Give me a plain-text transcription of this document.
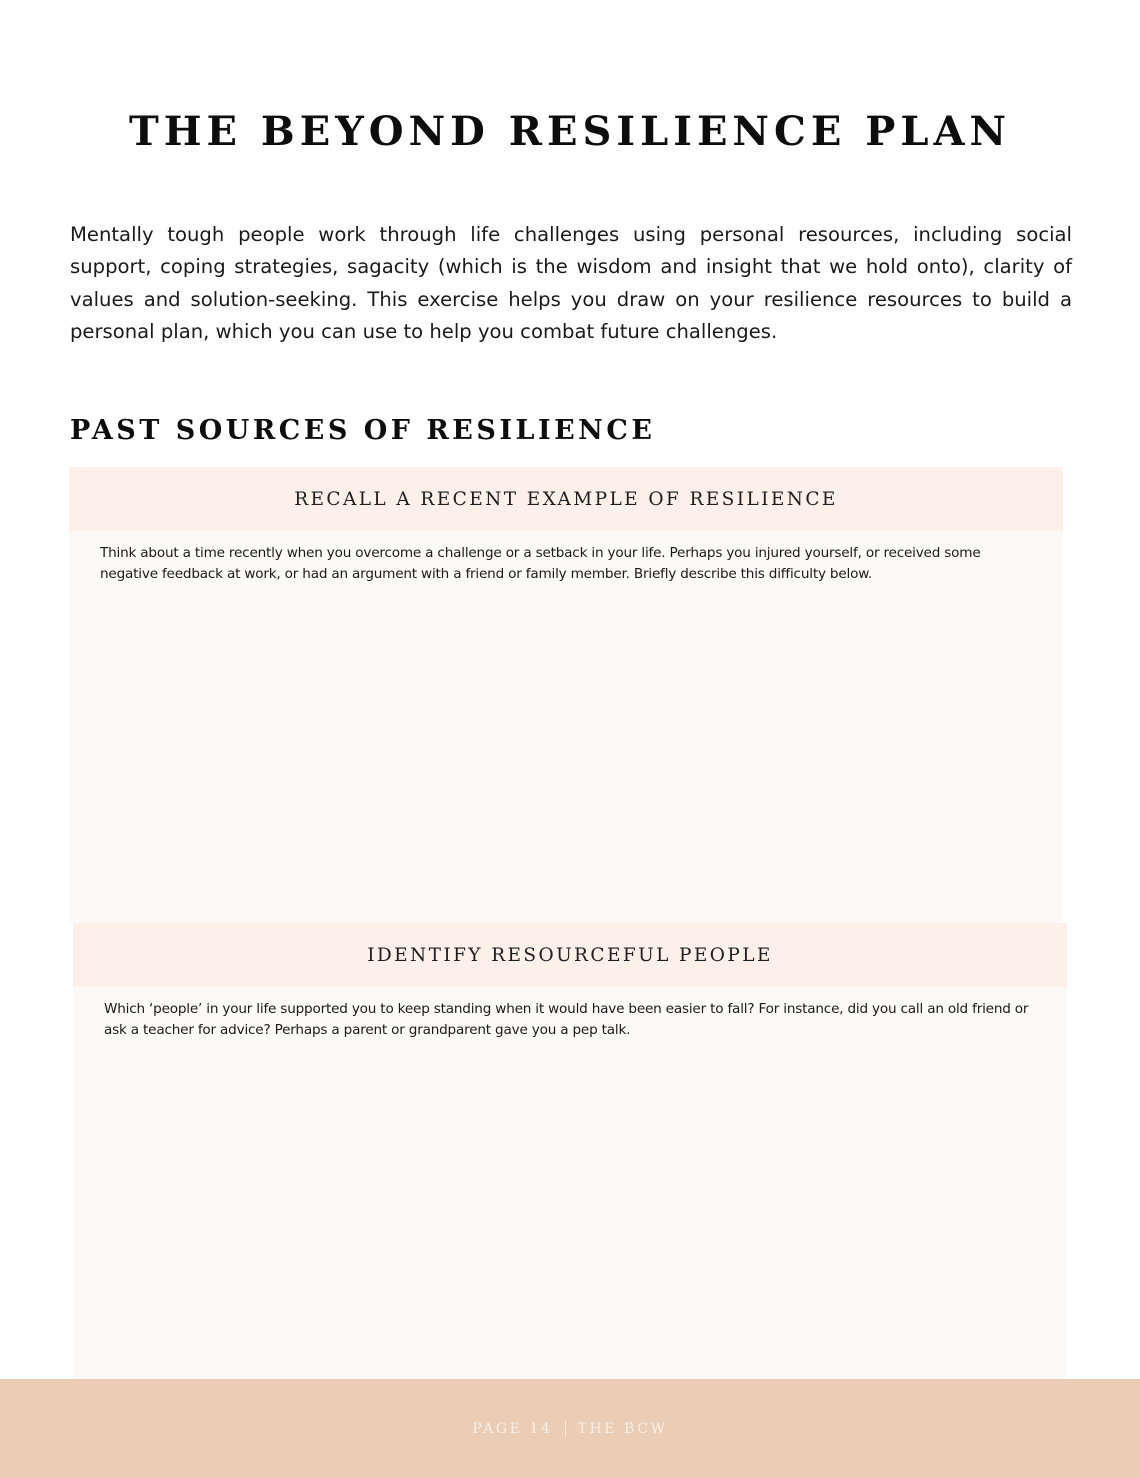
THE BEYOND RESILIENCE PLAN

Mentally tough people work through life challenges using personal resources, including social support, coping strategies, sagacity (which is the wisdom and insight that we hold onto), clarity of values and solution-seeking. This exercise helps you draw on your resilience resources to build a personal plan, which you can use to help you combat future challenges.

PAST SOURCES OF RESILIENCE
RECALL A RECENT EXAMPLE OF RESILIENCE
Think about a time recently when you overcome a challenge or a setback in your life. Perhaps you injured yourself, or received some negative feedback at work, or had an argument with a friend or family member. Briefly describe this difficulty below.
IDENTIFY RESOURCEFUL PEOPLE
Which ‘people’ in your life supported you to keep standing when it would have been easier to fall? For instance, did you call an old friend or ask a teacher for advice? Perhaps a parent or grandparent gave you a pep talk.
PAGE 14 THE BCW
